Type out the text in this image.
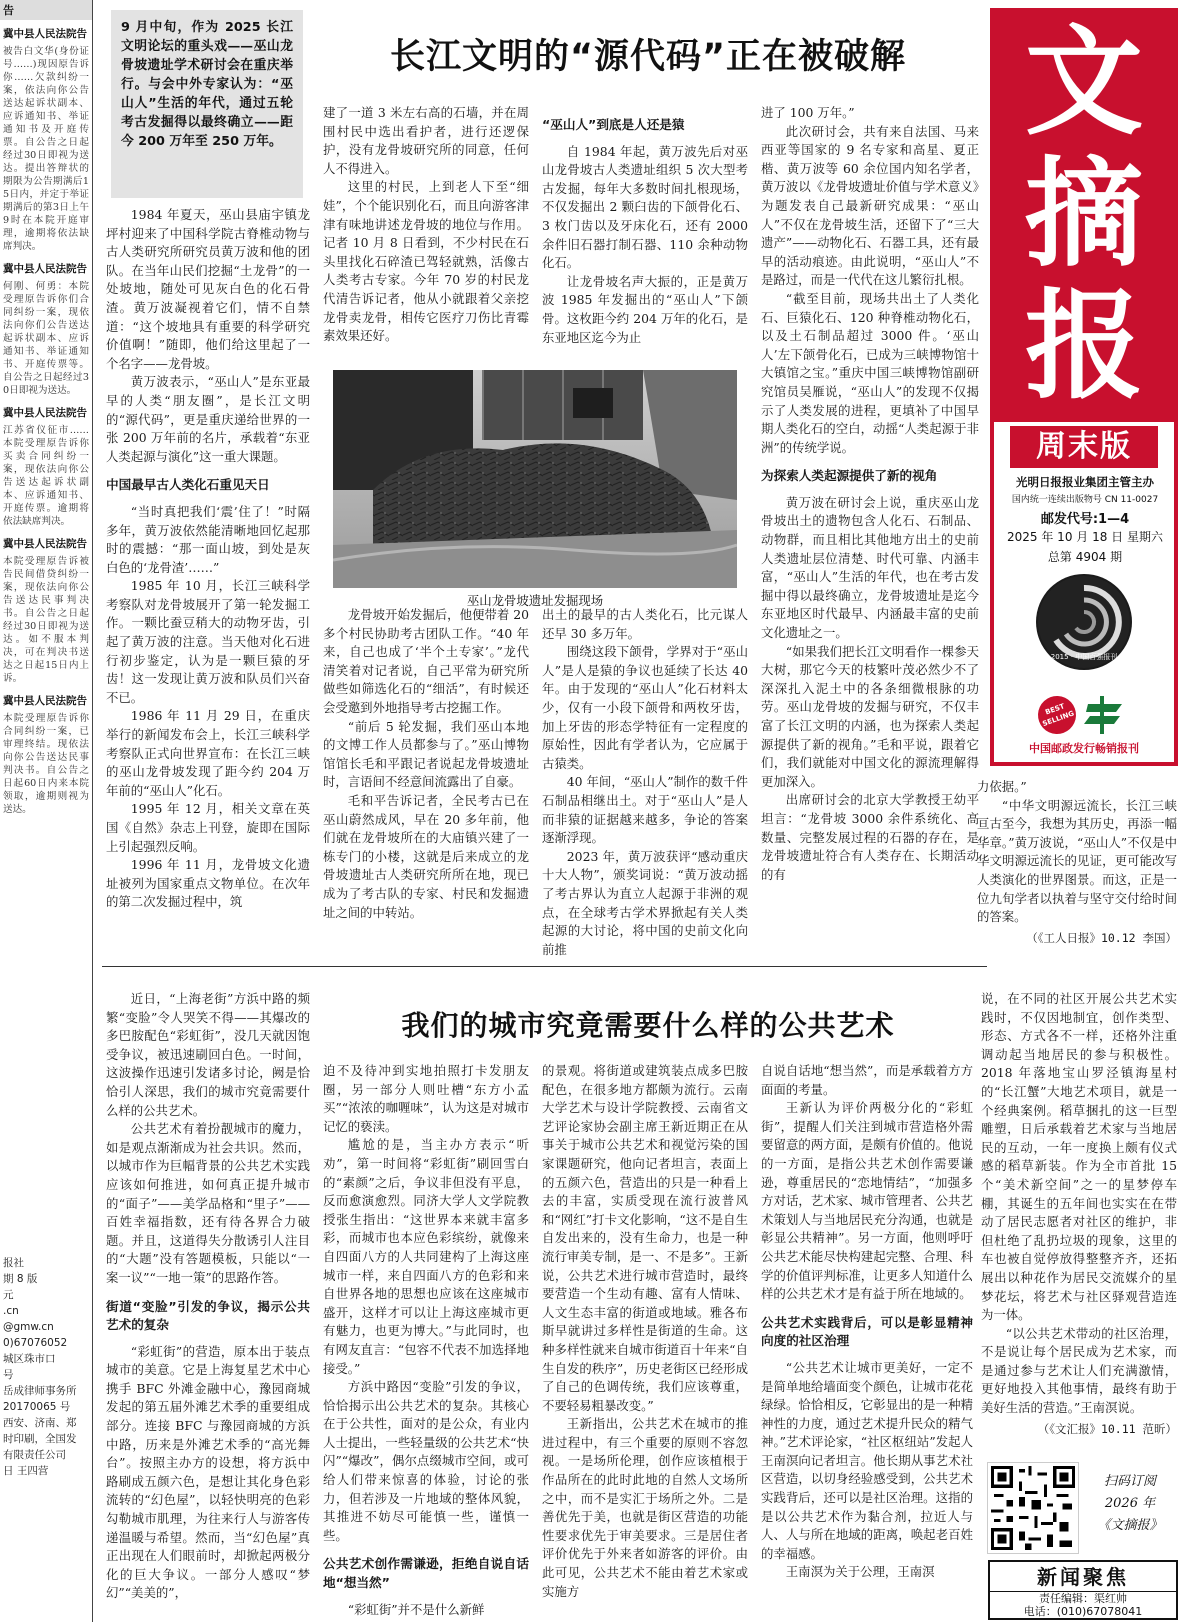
告
冀中县人民法院告
被告白文华(身份证号……)现因原告诉你……欠款纠纷一案，依法向你公告送达起诉状副本、应诉通知书、举证通知书及开庭传票。自公告之日起经过30日即视为送达。提出答辩状的期限为公告期满后15日内，并定于举证期满后的第3日上午9时在本院开庭审理，逾期将依法缺席判决。
冀中县人民法院告
何刚、何勇：本院受理原告诉你们合同纠纷一案，现依法向你们公告送达起诉状副本、应诉通知书、举证通知书、开庭传票等。自公告之日起经过30日即视为送达。
冀中县人民法院告
江苏省仪征市……本院受理原告诉你买卖合同纠纷一案，现依法向你公告送达起诉状副本、应诉通知书、开庭传票。逾期将依法缺席判决。
冀中县人民法院告
本院受理原告诉被告民间借贷纠纷一案，现依法向你公告送达民事判决书。自公告之日起经过30日即视为送达。如不服本判决，可在判决书送达之日起15日内上诉。
冀中县人民法院告
本院受理原告诉你合同纠纷一案，已审理终结。现依法向你公告送达民事判决书。自公告之日起60日内来本院领取，逾期则视为送达。
报社
期 8 版
元
.cn
@gmw.cn
0)67076052
城区珠市口
号
岳成律师事务所
20170065 号
西安、济南、郑
时印刷，全国发
有限责任公司
日 王四营
9 月中旬，作为 2025 长江文明论坛的重头戏——巫山龙骨坡遗址学术研讨会在重庆举行。与会中外专家认为：“巫山人”生活的年代，通过五轮考古发掘得以最终确立——距今 200 万年至 250 万年。
长江文明的“源代码”正在被破解

1984 年夏天，巫山县庙宇镇龙坪村迎来了中国科学院古脊椎动物与古人类研究所研究员黄万波和他的团队。在当年山民们挖掘“土龙骨”的一处坡地，随处可见灰白色的化石骨渣。黄万波凝视着它们，情不自禁道：“这个坡地具有重要的科学研究价值啊！”随即，他们给这里起了一个名字——龙骨坡。

黄万波表示，“巫山人”是东亚最早的人类“朋友圈”，是长江文明的“源代码”，更是重庆递给世界的一张 200 万年前的名片，承载着“东亚人类起源与演化”这一重大课题。

中国最早古人类化石重见天日

“当时真把我们‘震’住了！”时隔多年，黄万波依然能清晰地回忆起那时的震撼：“那一面山坡，到处是灰白色的‘龙骨渣’……”

1985 年 10 月，长江三峡科学考察队对龙骨坡展开了第一轮发掘工作。一颗比蚕豆稍大的动物牙齿，引起了黄万波的注意。当天他对化石进行初步鉴定，认为是一颗巨猿的牙齿！这一发现让黄万波和队员们兴奋不已。

1986 年 11 月 29 日，在重庆举行的新闻发布会上，长江三峡科学考察队正式向世界宣布：在长江三峡的巫山龙骨坡发现了距今约 204 万年前的“巫山人”化石。

1995 年 12 月，相关文章在英国《自然》杂志上刊登，旋即在国际上引起强烈反响。

1996 年 11 月，龙骨坡文化遗址被列为国家重点文物单位。在次年的第二次发掘过程中，筑

建了一道 3 米左右高的石墙，并在周围村民中选出看护者，进行还逻保护，没有龙骨坡研究所的同意，任何人不得进入。

这里的村民，上到老人下至“细娃”，个个能识别化石，而且向游客津津有味地讲述龙骨坡的地位与作用。记者 10 月 8 日看到，不少村民在石头里找化石碎渣已驾轻就熟，活像古人类考古专家。今年 70 岁的村民龙代清告诉记者，他从小就跟着父亲挖龙骨卖龙骨，相传它医疗刀伤比青霉素效果还好。

“巫山人”到底是人还是猿

自 1984 年起，黄万波先后对巫山龙骨坡古人类遗址组织 5 次大型考古发掘，每年大多数时间扎根现场，不仅发掘出 2 颗臼齿的下颌骨化石、3 枚门齿以及牙床化石，还有 2000 余件旧石器打制石器、110 余种动物化石。

让龙骨坡名声大振的，正是黄万波 1985 年发掘出的“巫山人”下颌骨。这枚距今约 204 万年的化石，是东亚地区迄今为止

巫山龙骨坡遗址发掘现场

龙骨坡开始发掘后，他便带着 20 多个村民协助考古团队工作。“40 年来，自己也成了‘半个土专家’。”龙代清笑着对记者说，自己平常为研究所做些如筛选化石的“细活”，有时候还会受邀到外地指导考古挖掘工作。

“前后 5 轮发掘，我们巫山本地的文博工作人员都参与了。”巫山博物馆馆长毛和平跟记者说起龙骨坡遗址时，言语间不经意间流露出了自豪。

毛和平告诉记者，全民考古已在巫山蔚然成风，早在 20 多年前，他们就在龙骨坡所在的大庙镇兴建了一栋专门的小楼，这就是后来成立的龙骨坡遗址古人类研究所所在地，现已成为了考古队的专家、村民和发掘遗址之间的中转站。

出土的最早的古人类化石，比元谋人还早 30 多万年。

围绕这段下颌骨，学界对于“巫山人”是人是猿的争议也延续了长达 40 年。由于发现的“巫山人”化石材料太少，仅有一小段下颌骨和两枚牙齿，加上牙齿的形态学特征有一定程度的原始性，因此有学者认为，它应属于古猿类。

40 年间，“巫山人”制作的数千件石制品相继出土。对于“巫山人”是人而非猿的证据越来越多，争论的答案逐渐浮现。

2023 年，黄万波获评“感动重庆十大人物”，颁奖词说：“黄万波动摇了考古界认为直立人起源于非洲的观点，在全球考古学术界掀起有关人类起源的大讨论，将中国的史前文化向前推

进了 100 万年。”

此次研讨会，共有来自法国、马来西亚等国家的 9 名专家和高星、夏正楷、黄万波等 60 余位国内知名学者，黄万波以《龙骨坡遗址价值与学术意义》为题发表自己最新研究成果：“巫山人”不仅在龙骨坡生活，还留下了“三大遗产”——动物化石、石器工具，还有最早的活动痕迹。由此说明，“巫山人”不是路过，而是一代代在这儿繁衍扎根。

“截至目前，现场共出土了人类化石、巨猿化石、120 种脊椎动物化石，以及土石制品超过 3000 件。‘巫山人’左下颌骨化石，已成为三峡博物馆十大镇馆之宝。”重庆中国三峡博物馆副研究馆员吴雁说，“巫山人”的发现不仅揭示了人类发展的进程，更填补了中国早期人类化石的空白，动摇“人类起源于非洲”的传统学说。

为探索人类起源提供了新的视角

黄万波在研讨会上说，重庆巫山龙骨坡出土的遗物包含人化石、石制品、动物群，而且相比其他地方出土的史前人类遗址层位清楚、时代可靠、内涵丰富，“巫山人”生活的年代，也在考古发掘中得以最终确立，龙骨坡遗址是迄今东亚地区时代最早、内涵最丰富的史前文化遗址之一。

“如果我们把长江文明看作一棵参天大树，那它今天的枝繁叶茂必然少不了深深扎入泥土中的各条细微根脉的功劳。巫山龙骨坡的发掘与研究，不仅丰富了长江文明的内涵，也为探索人类起源提供了新的视角。”毛和平说，跟着它们，我们就能对中国文化的源流理解得更加深入。

出席研讨会的北京大学教授王幼平坦言：“龙骨坡 3000 余件系统化、高数量、完整发展过程的石器的存在，是龙骨坡遗址符合有人类存在、长期活动的有

力依据。”

“中华文明源远流长，长江三峡亘古至今，我想为其历史，再添一幅华章。”黄万波说，“巫山人”不仅是中华文明源远流长的见证，更可能改写人类演化的世界图景。而这，正是一位九旬学者以执着与坚守交付给时间的答案。

（《工人日报》10.12 李国）

文
摘
报
周末版
光明日报报业集团主管主办
国内统一连续出版物号 CN 11-0027
邮发代号:1—4
2025 年 10 月 18 日 星期六
总第 4904 期
2015 · 中国百强报刊
BEST SELLING
中国邮政发行畅销报刊
我们的城市究竟需要什么样的公共艺术

近日，“上海老街”方浜中路的频繁“变脸”令人哭笑不得——其爆改的多巴胺配色“彩虹街”，没几天就因饱受争议，被迅速刷回白色。一时间，这波操作迅速引发诸多讨论，阙是恰恰引人深思，我们的城市究竟需要什么样的公共艺术。

公共艺术有着扮靓城市的魔力，如是观点渐渐成为社会共识。然而，以城市作为巨幅背景的公共艺术实践应该如何推进，如何真正提升城市的“面子”——美学品格和“里子”——百姓幸福指数，还有待各界合力破题。并且，这道得失分散诱引人注目的“大题”没有答题模板，只能以“一案一议”“一地一策”的思路作答。

街道“变脸”引发的争议，揭示公共艺术的复杂

“彩虹街”的营造，原本出于装点城市的美意。它是上海复星艺术中心携手 BFC 外滩金融中心，豫园商城发起的第五届外滩艺术季的重要组成部分。连接 BFC 与豫园商城的方浜中路，历来是外滩艺术季的“高光舞台”。按照主办方的设想，将方浜中路刷成五颜六色，是想让其化身色彩流转的“幻色屋”，以轻快明亮的色彩勾勒城市肌理，为往来行人与游客传递温暖与希望。然而，当“幻色屋”真正出现在人们眼前时，却掀起两极分化的巨大争议。一部分人感叹“梦幻”“美美的”，

迫不及待冲到实地拍照打卡发朋友圈，另一部分人则吐槽“东方小孟买”“浓浓的咖喱味”，认为这是对城市记忆的亵渎。

尴尬的是，当主办方表示“听劝”，第一时间将“彩虹街”刷回雪白的“素颜”之后，争议非但没有平息，反而愈演愈烈。同济大学人文学院教授张生指出：“这世界本来就丰富多彩，而城市也本应色彩缤纷，就像来自四面八方的人共同建构了上海这座城市一样，来自四面八方的色彩和来自世界各地的思想也应该在这座城市盛开，这样才可以让上海这座城市更有魅力，也更为博大。”与此同时，也有网友直言：“包容不代表不加选择地接受。”

方浜中路因“变脸”引发的争议，恰恰揭示出公共艺术的复杂。其核心在于公共性，面对的是公众，有业内人士提出，一些轻量级的公共艺术“快闪”“爆改”，偶尔点缀城市空间，或可给人们带来惊喜的体验，讨论的张力，但若涉及一片地域的整体风貌，其推进不妨尽可能慎一些，谨慎一些。

公共艺术创作需谦逊，拒绝自说自话地“想当然”

“彩虹街”并不是什么新鲜

的景观。将街道或建筑装点成多巴胺配色，在很多地方都颇为流行。云南大学艺术与设计学院教授、云南省文艺评论家协会副主席王新近期正在从事关于城市公共艺术和视觉污染的国家课题研究，他向记者坦言，表面上的五颜六色，营造出的只是一种看上去的丰富，实质受现在流行波普风和“网红”打卡文化影响，“这不是自生自发出来的，没有生命力，也是一种流行审美专制，是一、不是多”。王新说，公共艺术进行城市营造时，最终要营造一个生动有趣、富有人情味、人文生态丰富的街道或地域。雅各布斯早就讲过多样性是街道的生命。这种多样性就来自城市街道百十年来“自生自发的秩序”，历史老街区已经形成了自己的色调传统，我们应该尊重，不要轻易粗暴改变。”

王新指出，公共艺术在城市的推进过程中，有三个重要的原则不容忽视。一是场所伦理，创作应该植根于作品所在的此时此地的自然人文场所之中，而不是实汇于场所之外。二是善优先于美，也就是街区营造的功能性要求优先于审美要求。三是居住者评价优先于外来者如游客的评价。由此可见，公共艺术不能由着艺术家或实施方

自说自话地“想当然”，而是承载着方方面面的考量。

王新认为评价两极分化的“彩虹街”，提醒人们关注到城市营造格外需要留意的两方面，是颇有价值的。他说的一方面，是指公共艺术创作需要谦逊，尊重居民的“恋地情结”，“加强多方对话，艺术家、城市管理者、公共艺术策划人与当地居民充分沟通，也就是彰显公共精神”。另一方面，他则呼吁公共艺术能尽快构建起完整、合理、科学的价值评判标准，让更多人知道什么样的公共艺术才是有益于所在地域的。

公共艺术实践背后，可以是彰显精神向度的社区治理

“公共艺术让城市更美好，一定不是简单地给墙面变个颜色，让城市花花绿绿。恰恰相反，它彰显出的是一种精神性的力度，通过艺术提升民众的精气神。”艺术评论家，“社区枢纽站”发起人王南溟向记者坦言。他长期从事艺术社区营造，以切身经验感受到，公共艺术实践背后，还可以是社区治理。这指的是以公共艺术作为黏合剂，拉近人与人、人与所在地域的距离，唤起老百姓的幸福感。

王南溟为关于公理，王南溟

说，在不同的社区开展公共艺术实践时，不仅因地制宜，创作类型、形态、方式各不一样，还格外注重调动起当地居民的参与积极性。2018 年落地宝山罗泾镇海星村的“长江蟹”大地艺术项目，就是一个经典案例。稻草捆扎的这一巨型雕塑，日后承载着艺术家与当地居民的互动，一年一度换上颇有仪式感的稻草新装。作为全市首批 15 个“美术新空间”之一的星梦停车棚，其诞生的五年间也实实在在带动了居民志愿者对社区的维护，非但杜绝了乱扔垃圾的现象，这里的车也被自觉停放得整整齐齐，还拓展出以种花作为居民交流媒介的星梦花坛，将艺术与社区驿观营造连为一体。

“以公共艺术带动的社区治理，不是说让每个居民成为艺术家，而是通过参与艺术让人们充满激情，更好地投入其他事情，最终有助于美好生活的营造。”王南溟说。

（《文汇报》10.11 范昕）

扫码订阅
2026 年
《文摘报》
新闻聚焦
责任编辑：渠红帅
电话：(010)67078041
